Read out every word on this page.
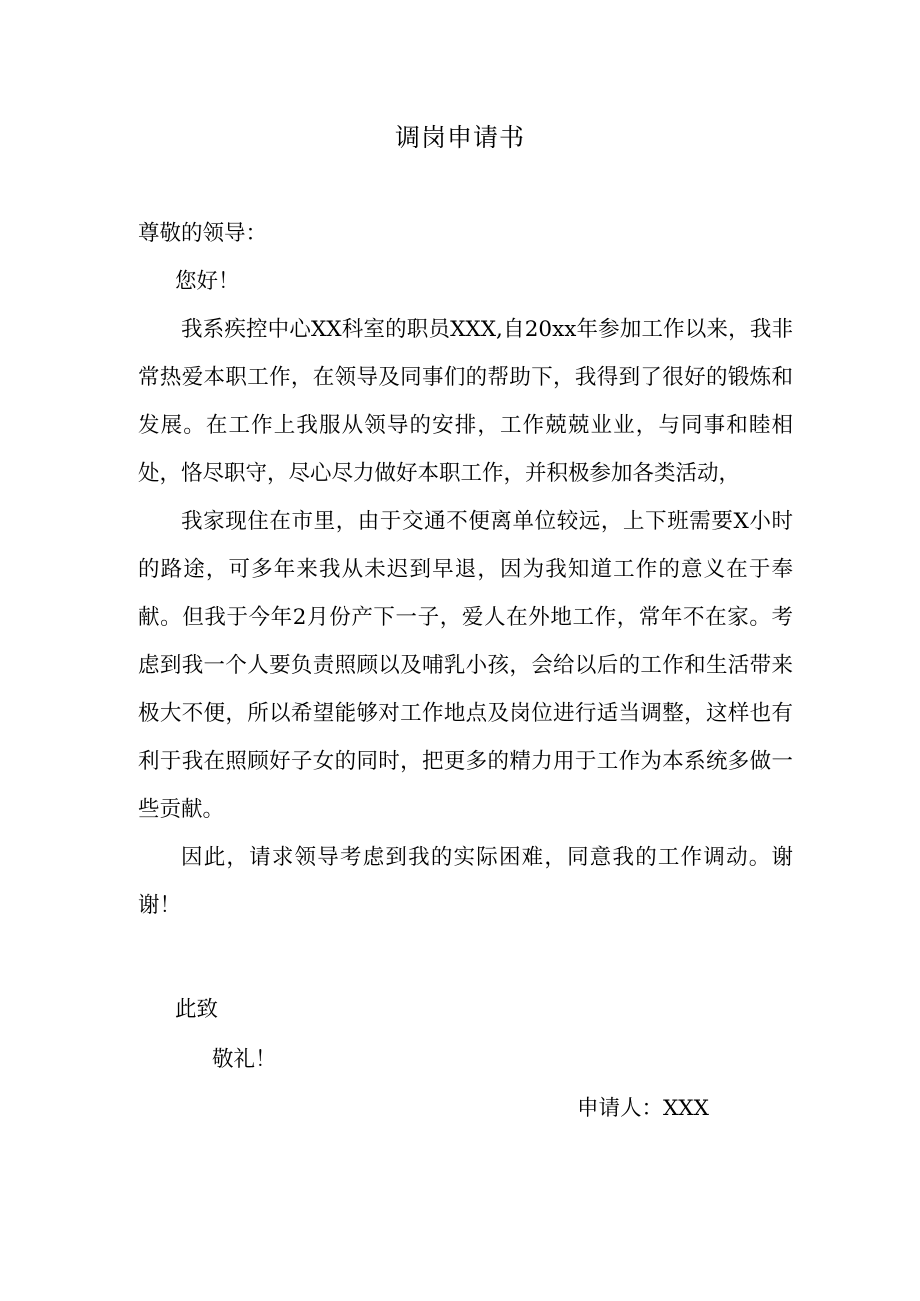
调岗申请书

尊敬的领导：

您好！

我系疾控中心XX科室的职员XXX,自20xx年参加工作以来，我非常热爱本职工作，在领导及同事们的帮助下，我得到了很好的锻炼和发展。在工作上我服从领导的安排，工作兢兢业业，与同事和睦相处，恪尽职守，尽心尽力做好本职工作，并积极参加各类活动，

我家现住在市里，由于交通不便离单位较远，上下班需要X小时的路途，可多年来我从未迟到早退，因为我知道工作的意义在于奉献。但我于今年2月份产下一子，爱人在外地工作，常年不在家。考虑到我一个人要负责照顾以及哺乳小孩，会给以后的工作和生活带来极大不便，所以希望能够对工作地点及岗位进行适当调整，这样也有利于我在照顾好子女的同时，把更多的精力用于工作为本系统多做一些贡献。

因此，请求领导考虑到我的实际困难，同意我的工作调动。谢谢！

此致
敬礼！
申请人：XXX
